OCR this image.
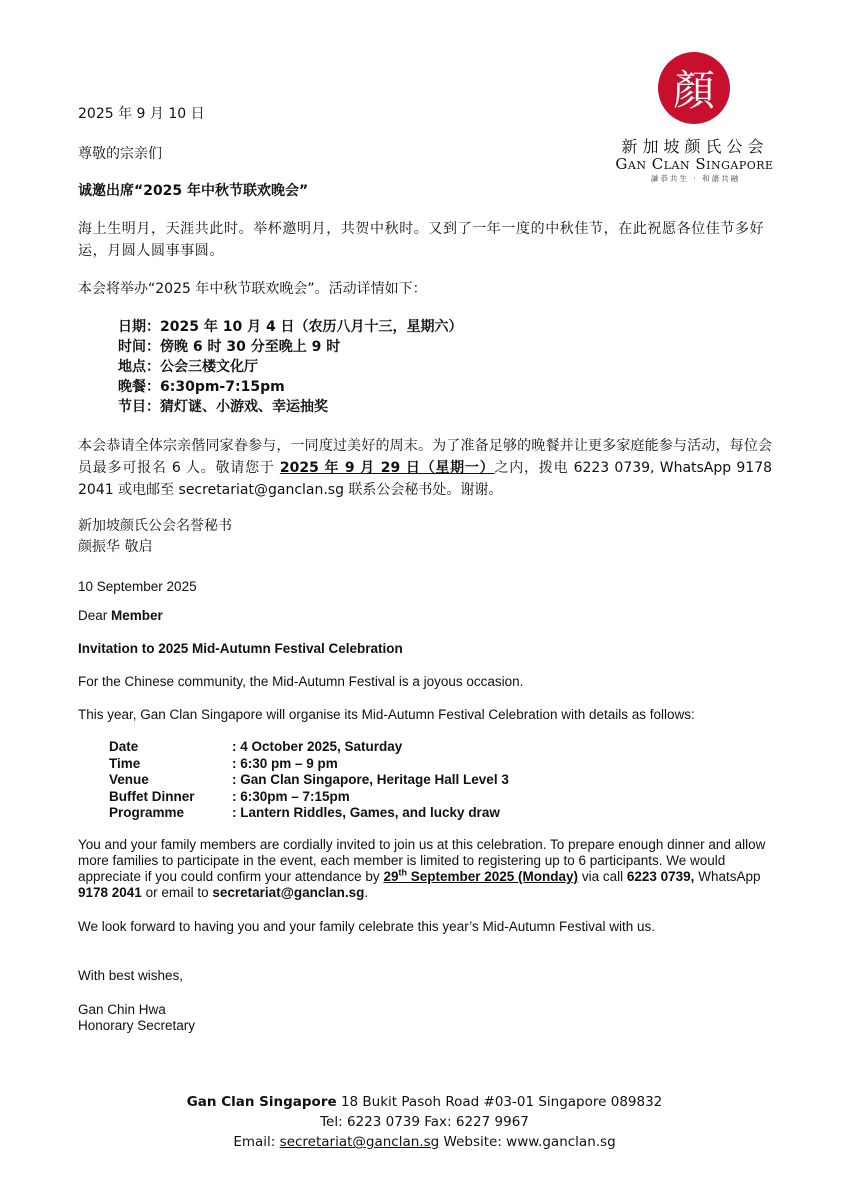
顏
新加坡颜氏公会
Gan Clan Singapore
謙恭共生 · 和諧共融
2025 年 9 月 10 日
尊敬的宗亲们
诚邀出席“2025 年中秋节联欢晚会”
海上生明月，天涯共此时。举杯邀明月，共贺中秋时。又到了一年一度的中秋佳节，在此祝愿各位佳节多好运，月圆人圆事事圆。
本会将举办“2025 年中秋节联欢晚会”。活动详情如下：
日期：2025 年 10 月 4 日（农历八月十三，星期六）
时间：傍晚 6 时 30 分至晚上 9 时
地点：公会三楼文化厅
晚餐：6:30pm-7:15pm
节目：猜灯谜、小游戏、幸运抽奖
本会恭请全体宗亲偕同家眷参与，一同度过美好的周末。为了准备足够的晚餐并让更多家庭能参与活动，每位会员最多可报名 6 人。敬请您于 2025 年 9 月 29 日（星期一）之内，拨电 6223 0739, WhatsApp 9178 2041 或电邮至 secretariat@ganclan.sg 联系公会秘书处。谢谢。
新加坡颜氏公会名誉秘书
颜振华 敬启
10 September 2025
Dear Member
Invitation to 2025 Mid-Autumn Festival Celebration
For the Chinese community, the Mid-Autumn Festival is a joyous occasion.
This year, Gan Clan Singapore will organise its Mid-Autumn Festival Celebration with details as follows:
Date	: 4 October 2025, Saturday
Time	: 6:30 pm – 9 pm
Venue	: Gan Clan Singapore, Heritage Hall Level 3
Buffet Dinner	: 6:30pm – 7:15pm
Programme	: Lantern Riddles, Games, and lucky draw
You and your family members are cordially invited to join us at this celebration. To prepare enough dinner and allow more families to participate in the event, each member is limited to registering up to 6 participants. We would appreciate if you could confirm your attendance by 29th September 2025 (Monday) via call 6223 0739, WhatsApp 9178 2041 or email to secretariat@ganclan.sg.
We look forward to having you and your family celebrate this year’s Mid-Autumn Festival with us.
With best wishes,
Gan Chin Hwa
Honorary Secretary
Gan Clan Singapore 18 Bukit Pasoh Road #03-01 Singapore 089832
Tel: 6223 0739 Fax: 6227 9967
Email: secretariat@ganclan.sg Website: www.ganclan.sg
